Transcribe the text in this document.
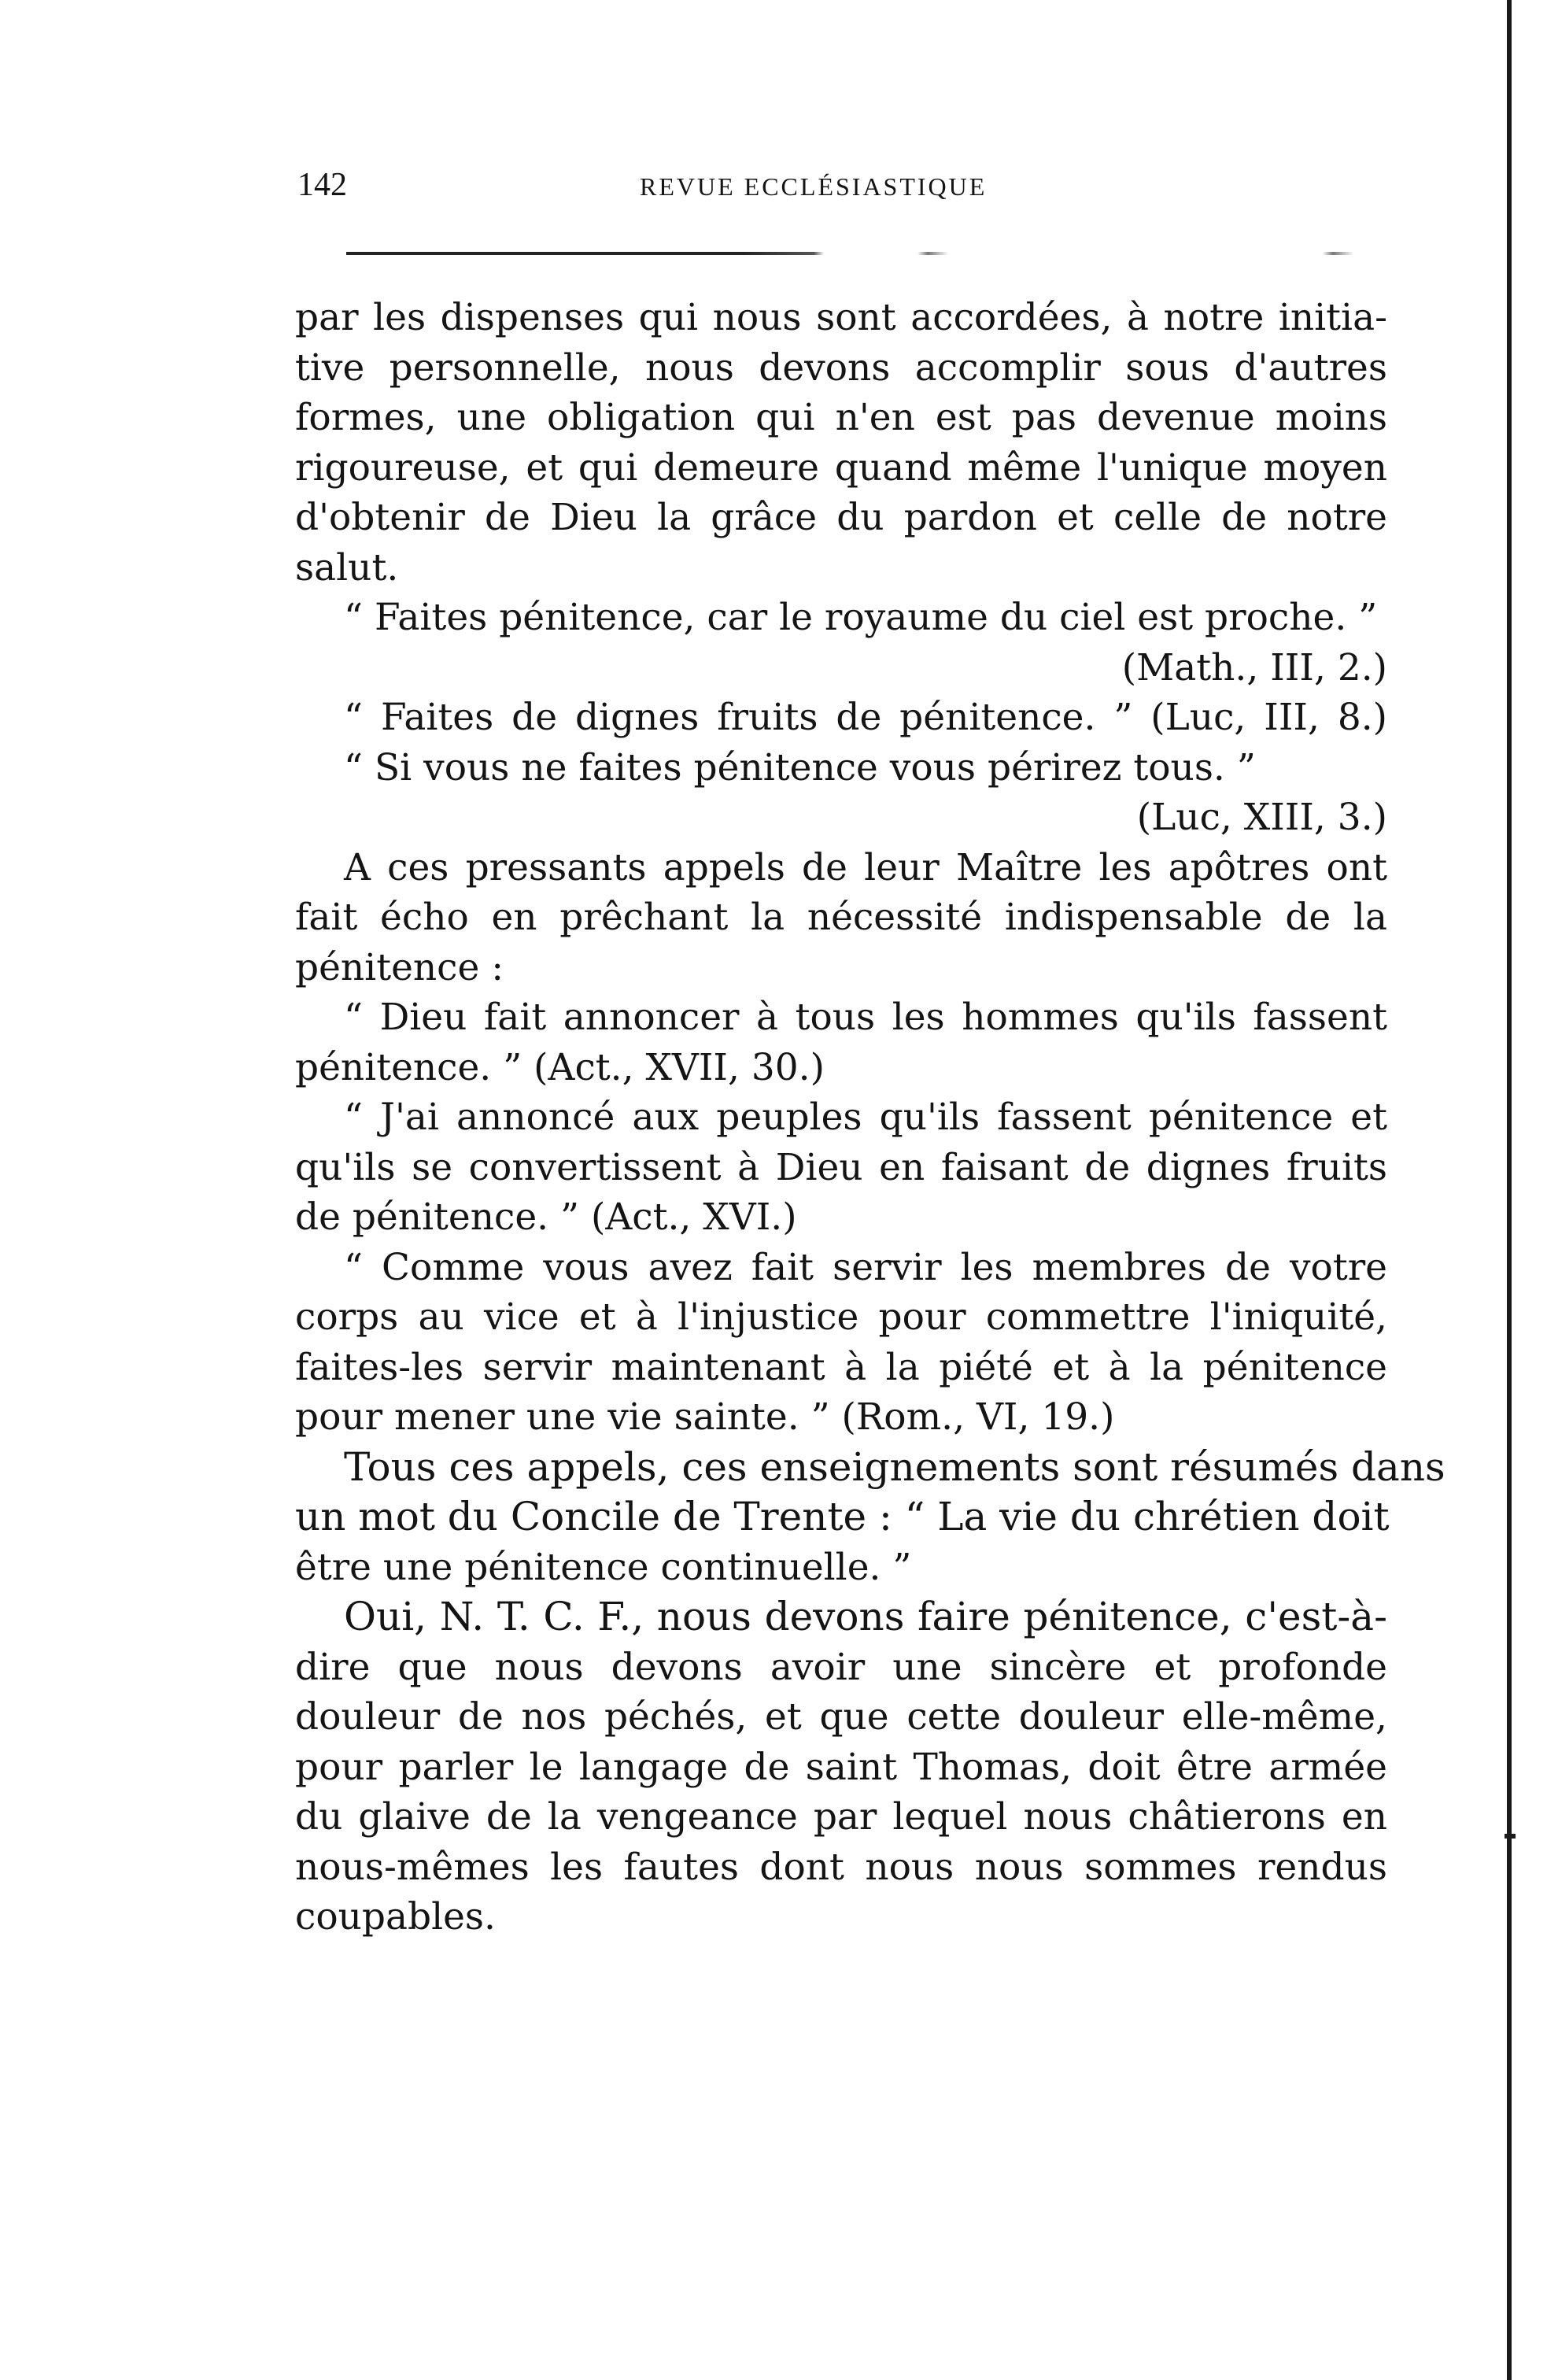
142	REVUE ECCLÉSIASTIQUE
par les dispenses qui nous sont accordées, à notre initia-
tive personnelle, nous devons accomplir sous d'autres
formes, une obligation qui n'en est pas devenue moins
rigoureuse, et qui demeure quand même l'unique moyen
d'obtenir de Dieu la grâce du pardon et celle de notre
salut.
“ Faites pénitence, car le royaume du ciel est proche. ”
(Math., III, 2.)
“ Faites de dignes fruits de pénitence. ” (Luc, III, 8.)
“ Si vous ne faites pénitence vous périrez tous. ”
(Luc, XIII, 3.)
A ces pressants appels de leur Maître les apôtres ont
fait écho en prêchant la nécessité indispensable de la
pénitence :
“ Dieu fait annoncer à tous les hommes qu'ils fassent
pénitence. ” (Act., XVII, 30.)
“ J'ai annoncé aux peuples qu'ils fassent pénitence et
qu'ils se convertissent à Dieu en faisant de dignes fruits
de pénitence. ” (Act., XVI.)
“ Comme vous avez fait servir les membres de votre
corps au vice et à l'injustice pour commettre l'iniquité,
faites-les servir maintenant à la piété et à la pénitence
pour mener une vie sainte. ” (Rom., VI, 19.)
Tous ces appels, ces enseignements sont résumés dans
un mot du Concile de Trente : “ La vie du chrétien doit
être une pénitence continuelle. ”
Oui, N. T. C. F., nous devons faire pénitence, c'est-à-
dire que nous devons avoir une sincère et profonde
douleur de nos péchés, et que cette douleur elle-même,
pour parler le langage de saint Thomas, doit être armée
du glaive de la vengeance par lequel nous châtierons en
nous-mêmes les fautes dont nous nous sommes rendus
coupables.
